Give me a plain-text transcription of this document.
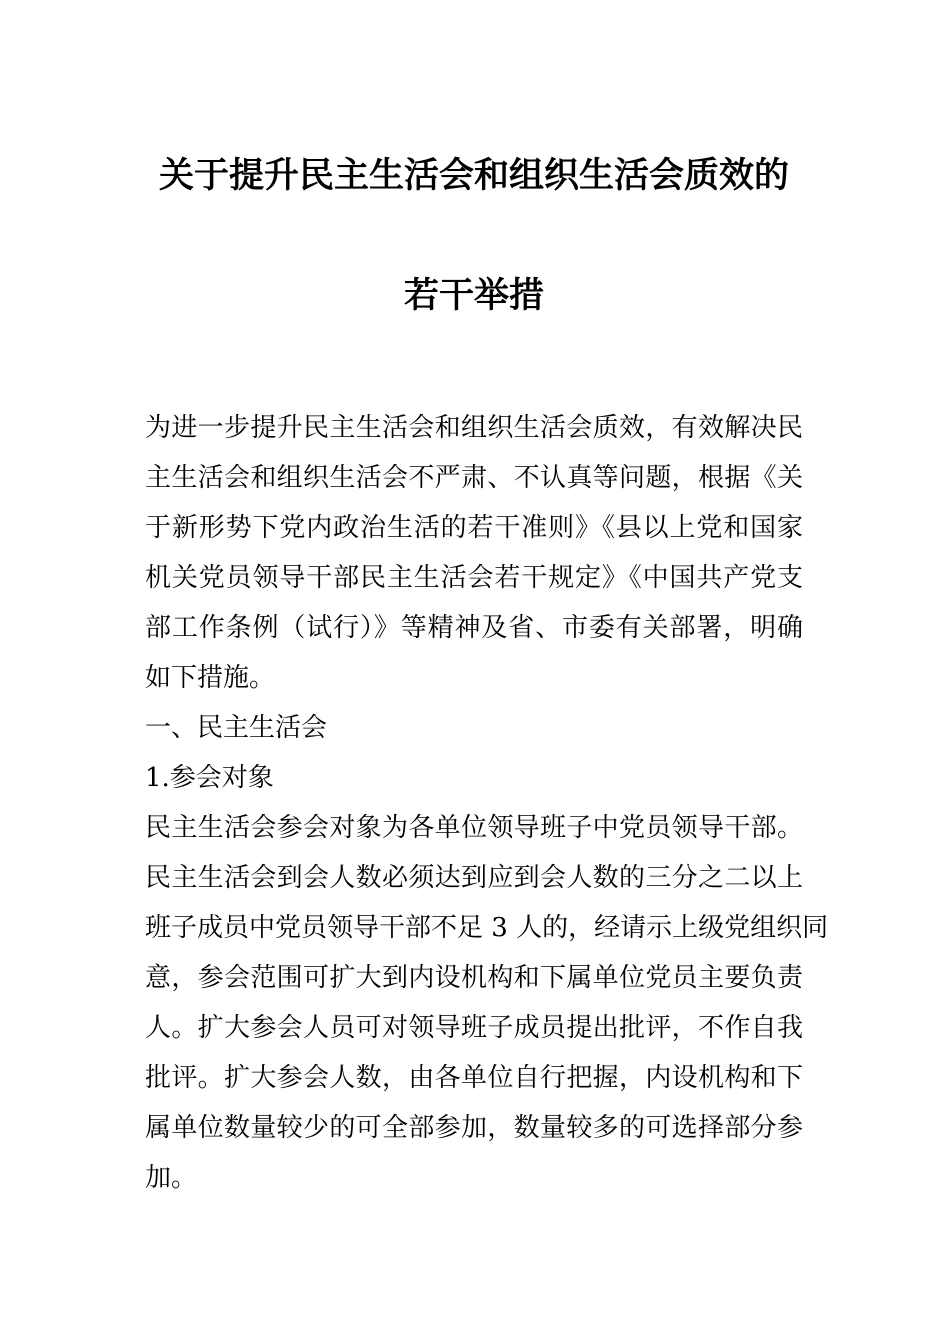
关于提升民主生活会和组织生活会质效的
若干举措
为进一步提升民主生活会和组织生活会质效，有效解决民
主生活会和组织生活会不严肃、不认真等问题，根据《关
于新形势下党内政治生活的若干准则》《县以上党和国家
机关党员领导干部民主生活会若干规定》《中国共产党支
部工作条例（试行）》等精神及省、市委有关部署，明确
如下措施。
一、民主生活会
1.参会对象
民主生活会参会对象为各单位领导班子中党员领导干部。
民主生活会到会人数必须达到应到会人数的三分之二以上
班子成员中党员领导干部不足 3 人的，经请示上级党组织同
意，参会范围可扩大到内设机构和下属单位党员主要负责
人。扩大参会人员可对领导班子成员提出批评，不作自我
批评。扩大参会人数，由各单位自行把握，内设机构和下
属单位数量较少的可全部参加，数量较多的可选择部分参
加。
